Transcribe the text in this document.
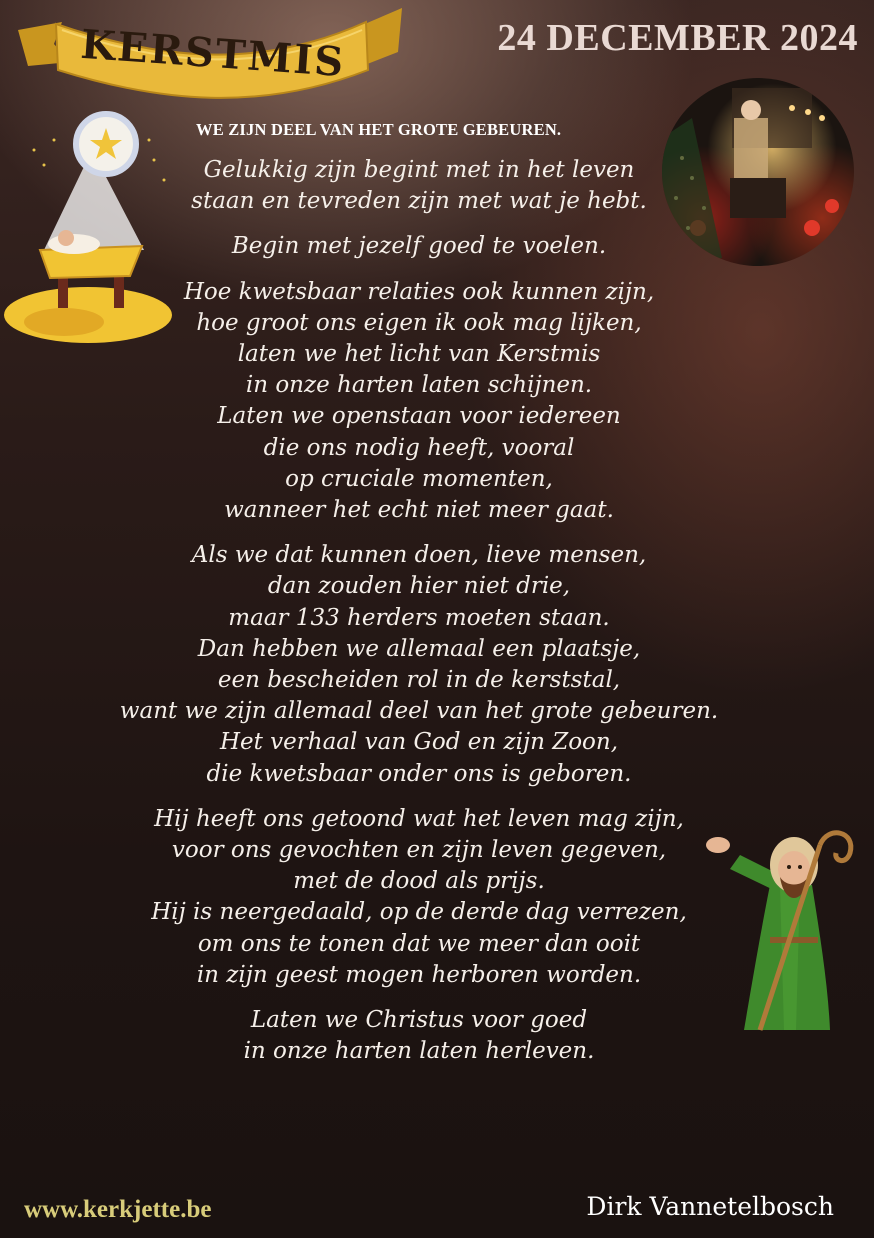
KERSTMIS	24 DECEMBER 2024
WE ZIJN DEEL VAN HET GROTE GEBEUREN.
Gelukkig zijn begint met in het leven
staan en tevreden zijn met wat je hebt.
Begin met jezelf goed te voelen.
Hoe kwetsbaar relaties ook kunnen zijn,
hoe groot ons eigen ik ook mag lijken,
laten we het licht van Kerstmis
in onze harten laten schijnen.
Laten we openstaan voor iedereen
die ons nodig heeft, vooral
op cruciale momenten,
wanneer het echt niet meer gaat.
Als we dat kunnen doen, lieve mensen,
dan zouden hier niet drie,
maar 133 herders moeten staan.
Dan hebben we allemaal een plaatsje,
een bescheiden rol in de kerststal,
want we zijn allemaal deel van het grote gebeuren.
Het verhaal van God en zijn Zoon,
die kwetsbaar onder ons is geboren.
Hij heeft ons getoond wat het leven mag zijn,
voor ons gevochten en zijn leven gegeven,
met de dood als prijs.
Hij is neergedaald, op de derde dag verrezen,
om ons te tonen dat we meer dan ooit
in zijn geest mogen herboren worden.
Laten we Christus voor goed
in onze harten laten herleven.
www.kerkjette.be	Dirk Vannetelbosch
